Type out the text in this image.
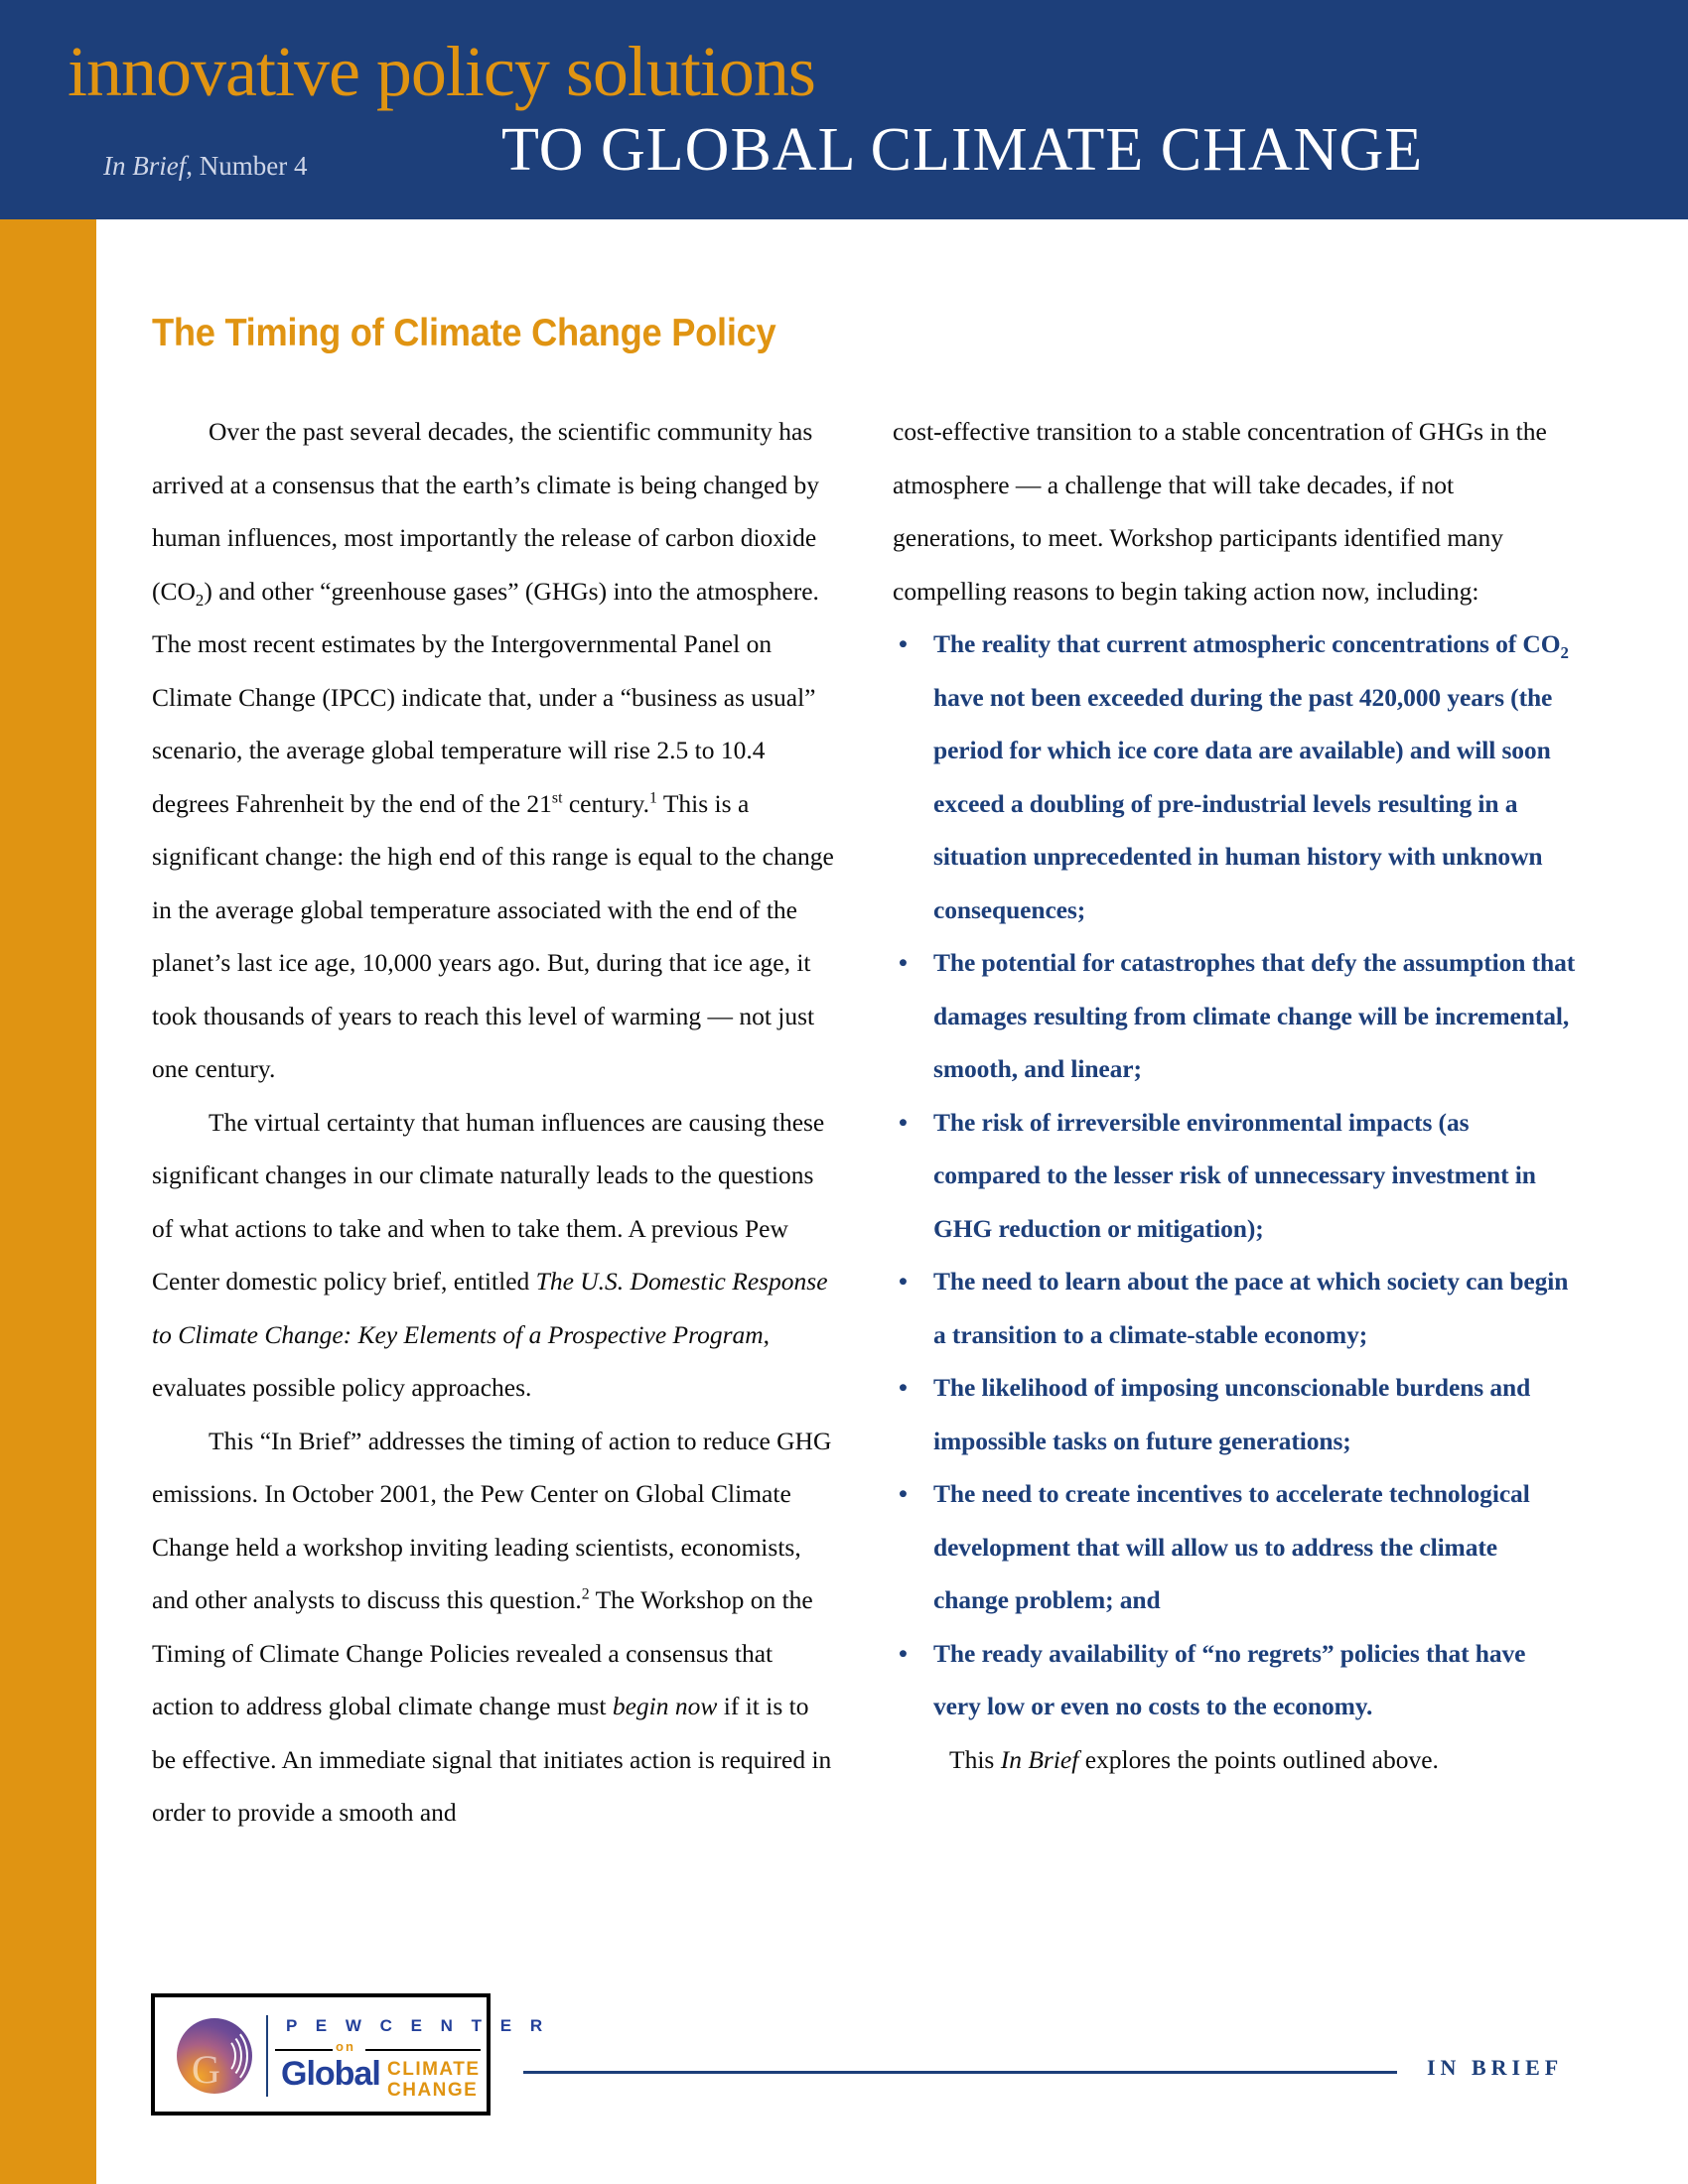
innovative policy solutions
TO GLOBAL CLIMATE CHANGE
In Brief, Number 4
The Timing of Climate Change Policy

Over the past several decades, the scientific community has arrived at a consensus that the earth’s climate is being changed by human influences, most importantly the release of carbon dioxide $(CO_2)$ and other “greenhouse gases” (GHGs) into the atmosphere. The most recent estimates by the Intergovernmental Panel on Climate Change (IPCC) indicate that, under a “business as usual” scenario, the average global temperature will rise 2.5 to 10.4 degrees Fahrenheit by the end of the 21st century.$^1$ This is a significant change: the high end of this range is equal to the change in the average global temperature associated with the end of the planet’s last ice age, 10,000 years ago. But, during that ice age, it took thousands of years to reach this level of warming — not just one century.

The virtual certainty that human influences are causing these significant changes in our climate naturally leads to the questions of what actions to take and when to take them. A previous Pew Center domestic policy brief, entitled The U.S. Domestic Response to Climate Change: Key Elements of a Prospective Program, evaluates possible policy approaches.

This “In Brief” addresses the timing of action to reduce GHG emissions. In October 2001, the Pew Center on Global Climate Change held a workshop inviting leading scientists, economists, and other analysts to discuss this question.$^2$ The Workshop on the Timing of Climate Change Policies revealed a consensus that action to address global climate change must begin now if it is to be effective. An immediate signal that initiates action is required in order to provide a smooth and

cost-effective transition to a stable concentration of GHGs in the atmosphere — a challenge that will take decades, if not generations, to meet. Workshop participants identified many compelling reasons to begin taking action now, including:

• The reality that current atmospheric concentrations of $CO_2$ have not been exceeded during the past 420,000 years (the period for which ice core data are available) and will soon exceed a doubling of pre-industrial levels resulting in a situation unprecedented in human history with unknown consequences;
• The potential for catastrophes that defy the assumption that damages resulting from climate change will be incremental, smooth, and linear;
• The risk of irreversible environmental impacts (as compared to the lesser risk of unnecessary investment in GHG reduction or mitigation);
• The need to learn about the pace at which society can begin a transition to a climate-stable economy;
• The likelihood of imposing unconscionable burdens and impossible tasks on future generations;
• The need to create incentives to accelerate technological development that will allow us to address the climate change problem; and
• The ready availability of “no regrets” policies that have very low or even no costs to the economy.

This In Brief explores the points outlined above.

G
P E W C E N T E R
on
Global CLIMATE
CHANGE
IN BRIEF
